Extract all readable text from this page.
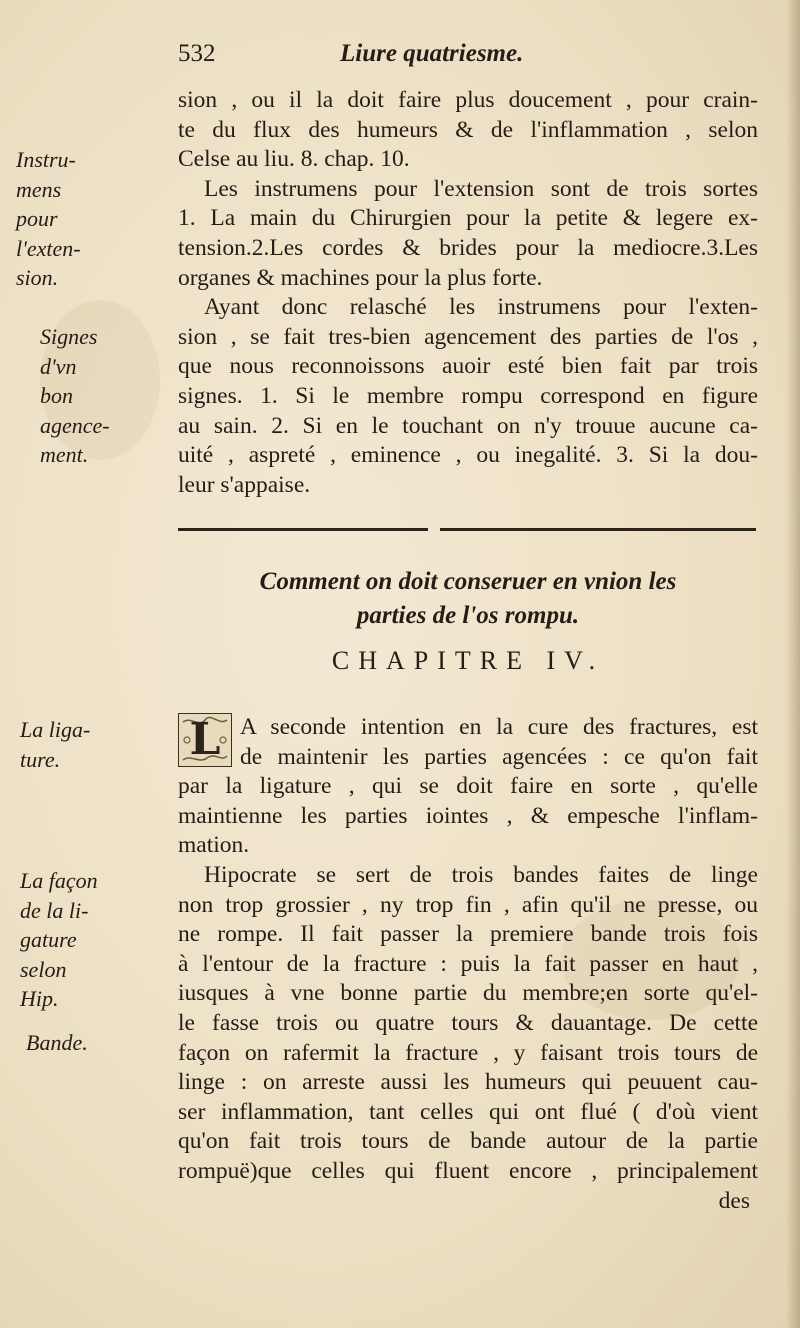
532	Liure quatriesme.
sion , ou il la doit faire plus doucement , pour crain-
te du flux des humeurs & de l'inflammation , selon
Celse au liu. 8. chap. 10.
Les instrumens pour l'extension sont de trois sortes
1. La main du Chirurgien pour la petite & legere ex-
tension.2.Les cordes & brides pour la mediocre.3.Les
organes & machines pour la plus forte.
Ayant donc relasché les instrumens pour l'exten-
sion , se fait tres-bien agencement des parties de l'os ,
que nous reconnoissons auoir esté bien fait par trois
signes. 1. Si le membre rompu correspond en figure
au sain. 2. Si en le touchant on n'y trouue aucune ca-
uité , aspreté , eminence , ou inegalité. 3. Si la dou-
leur s'appaise.
Instru-
mens
pour
l'exten-
sion.
Signes
d'vn
bon
agence-
ment.
Comment on doit conseruer en vnion les
parties de l'os rompu.
CHAPITRE IV.
L A seconde intention en la cure des fractures, est
de maintenir les parties agencées : ce qu'on fait
par la ligature , qui se doit faire en sorte , qu'elle
maintienne les parties iointes , & empesche l'inflam-
mation.
Hipocrate se sert de trois bandes faites de linge
non trop grossier , ny trop fin , afin qu'il ne presse, ou
ne rompe. Il fait passer la premiere bande trois fois
à l'entour de la fracture : puis la fait passer en haut ,
iusques à vne bonne partie du membre;en sorte qu'el-
le fasse trois ou quatre tours & dauantage. De cette
façon on rafermit la fracture , y faisant trois tours de
linge : on arreste aussi les humeurs qui peuuent cau-
ser inflammation, tant celles qui ont flué ( d'où vient
qu'on fait trois tours de bande autour de la partie
rompuë)que celles qui fluent encore , principalement
des
La liga-
ture.
La façon
de la li-
gature
selon
Hip.
Bande.
